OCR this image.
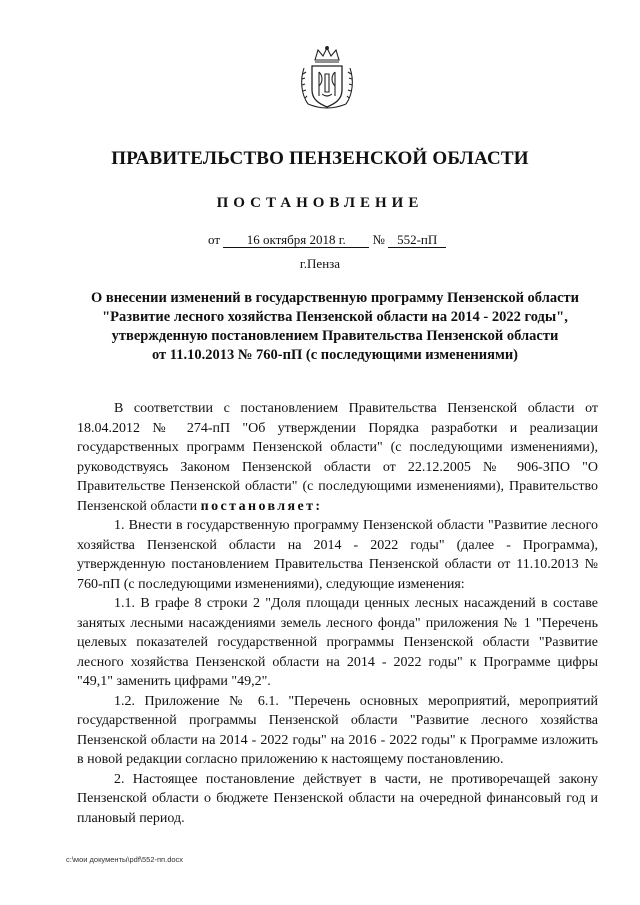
ПРАВИТЕЛЬСТВО ПЕНЗЕНСКОЙ ОБЛАСТИ
ПОСТАНОВЛЕНИЕ
от 16 октября 2018 г. № 552-пП
г.Пенза
О внесении изменений в государственную программу Пензенской области
"Развитие лесного хозяйства Пензенской области на 2014 - 2022 годы",
утвержденную постановлением Правительства Пензенской области
от 11.10.2013 № 760-пП (с последующими изменениями)

В соответствии с постановлением Правительства Пензенской области от 18.04.2012 № 274-пП "Об утверждении Порядка разработки и реализации государственных программ Пензенской области" (с последующими изменениями), руководствуясь Законом Пензенской области от 22.12.2005 № 906-ЗПО "О Правительстве Пензенской области" (с последующими изменениями), Правительство Пензенской области постановляет:

1. Внести в государственную программу Пензенской области "Развитие лесного хозяйства Пензенской области на 2014 - 2022 годы" (далее - Программа), утвержденную постановлением Правительства Пензенской области от 11.10.2013 № 760-пП (с последующими изменениями), следующие изменения:

1.1. В графе 8 строки 2 "Доля площади ценных лесных насаждений в составе занятых лесными насаждениями земель лесного фонда" приложения № 1 "Перечень целевых показателей государственной программы Пензенской области "Развитие лесного хозяйства Пензенской области на 2014 - 2022 годы" к Программе цифры "49,1" заменить цифрами "49,2".

1.2. Приложение № 6.1. "Перечень основных мероприятий, мероприятий государственной программы Пензенской области "Развитие лесного хозяйства Пензенской области на 2014 - 2022 годы" на 2016 - 2022 годы" к Программе изложить в новой редакции согласно приложению к настоящему постановлению.

2. Настоящее постановление действует в части, не противоречащей закону Пензенской области о бюджете Пензенской области на очередной финансовый год и плановый период.

c:\мои документы\pdf\552-пп.docx
